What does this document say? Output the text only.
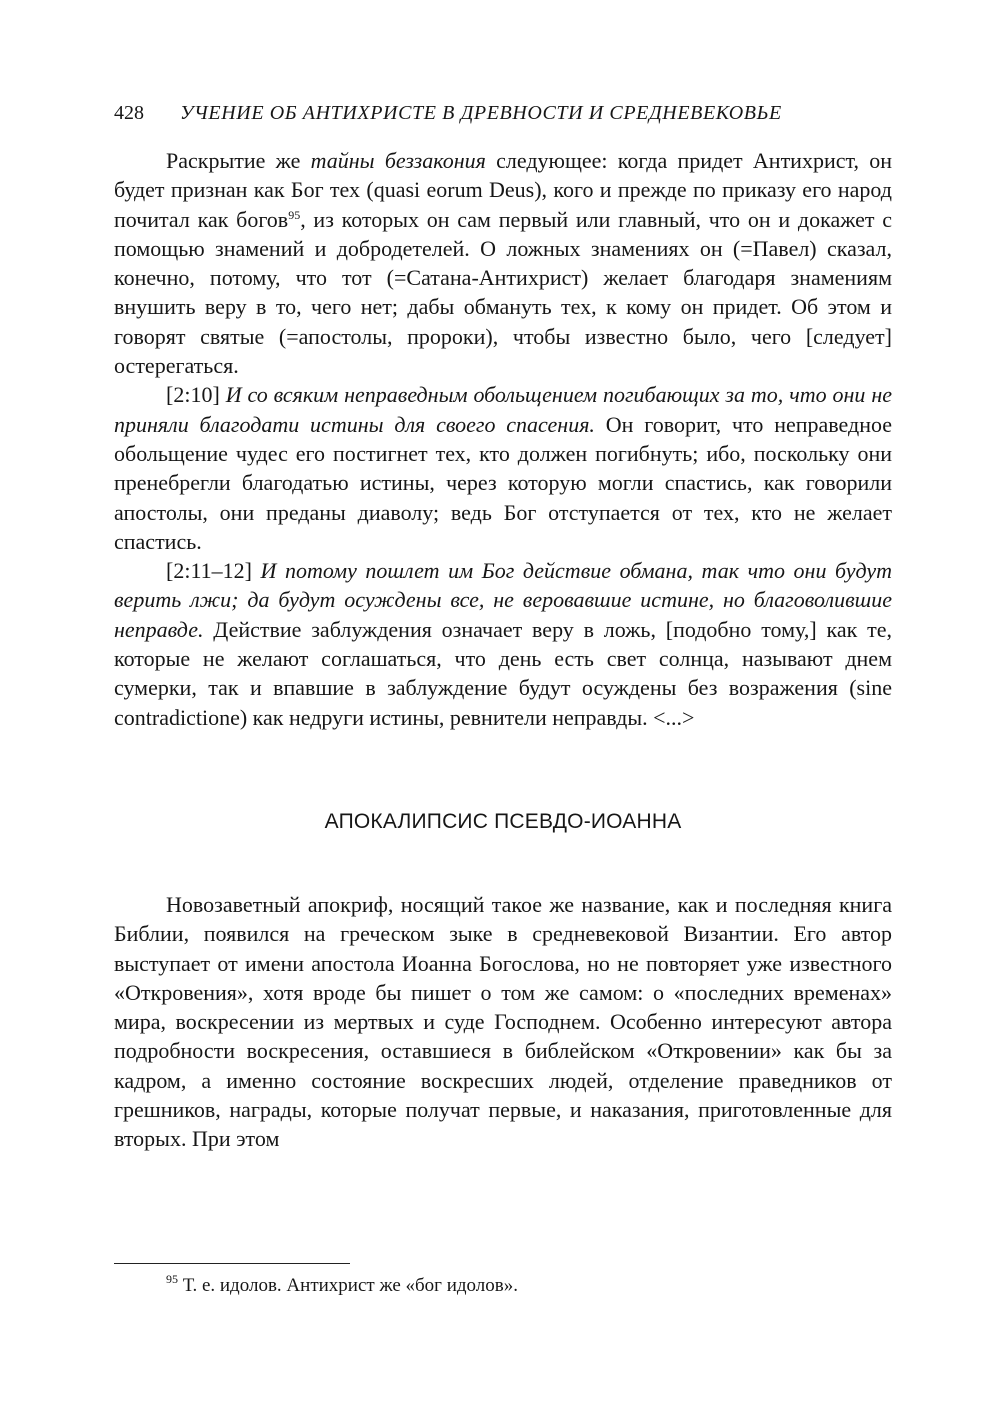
428 УЧЕНИЕ ОБ АНТИХРИСТЕ В ДРЕВНОСТИ И СРЕДНЕВЕКОВЬЕ

Раскрытие же тайны беззакония следующее: когда придет Антихрист, он будет признан как Бог тех (quasi eorum Deus), кого и прежде по приказу его народ почитал как богов$^{95}$, из которых он сам первый или главный, что он и докажет с помощью знамений и добродетелей. О ложных знамениях он (=Павел) сказал, конечно, потому, что тот (=Сатана-Антихрист) желает благодаря знамениям внушить веру в то, чего нет; дабы обмануть тех, к кому он придет. Об этом и говорят святые (=апостолы, пророки), чтобы известно было, чего [следует] остерегаться.

[2:10] И со всяким неправедным обольщением погибающих за то, что они не приняли благодати истины для своего спасения. Он говорит, что неправедное обольщение чудес его постигнет тех, кто должен погибнуть; ибо, поскольку они пренебрегли благодатью истины, через которую могли спастись, как говорили апостолы, они преданы диаволу; ведь Бог отступается от тех, кто не желает спастись.

[2:11–12] И потому пошлет им Бог действие обмана, так что они будут верить лжи; да будут осуждены все, не веровавшие истине, но благоволившие неправде. Действие заблуждения означает веру в ложь, [подобно тому,] как те, которые не желают соглашаться, что день есть свет солнца, называют днем сумерки, так и впавшие в заблуждение будут осуждены без возражения (sine contradictione) как недруги истины, ревнители неправды. <...>

АПОКАЛИПСИС ПСЕВДО-ИОАННА

Новозаветный апокриф, носящий такое же название, как и последняя книга Библии, появился на греческом зыке в средневековой Византии. Его автор выступает от имени апостола Иоанна Богослова, но не повторяет уже известного «Откровения», хотя вроде бы пишет о том же самом: о «последних временах» мира, воскресении из мертвых и суде Господнем. Особенно интересуют автора подробности воскресения, оставшиеся в библейском «Откровении» как бы за кадром, а именно состояние воскресших людей, отделение праведников от грешников, награды, которые получат первые, и наказания, приготовленные для вторых. При этом

$^{95}$ Т. е. идолов. Антихрист же «бог идолов».
